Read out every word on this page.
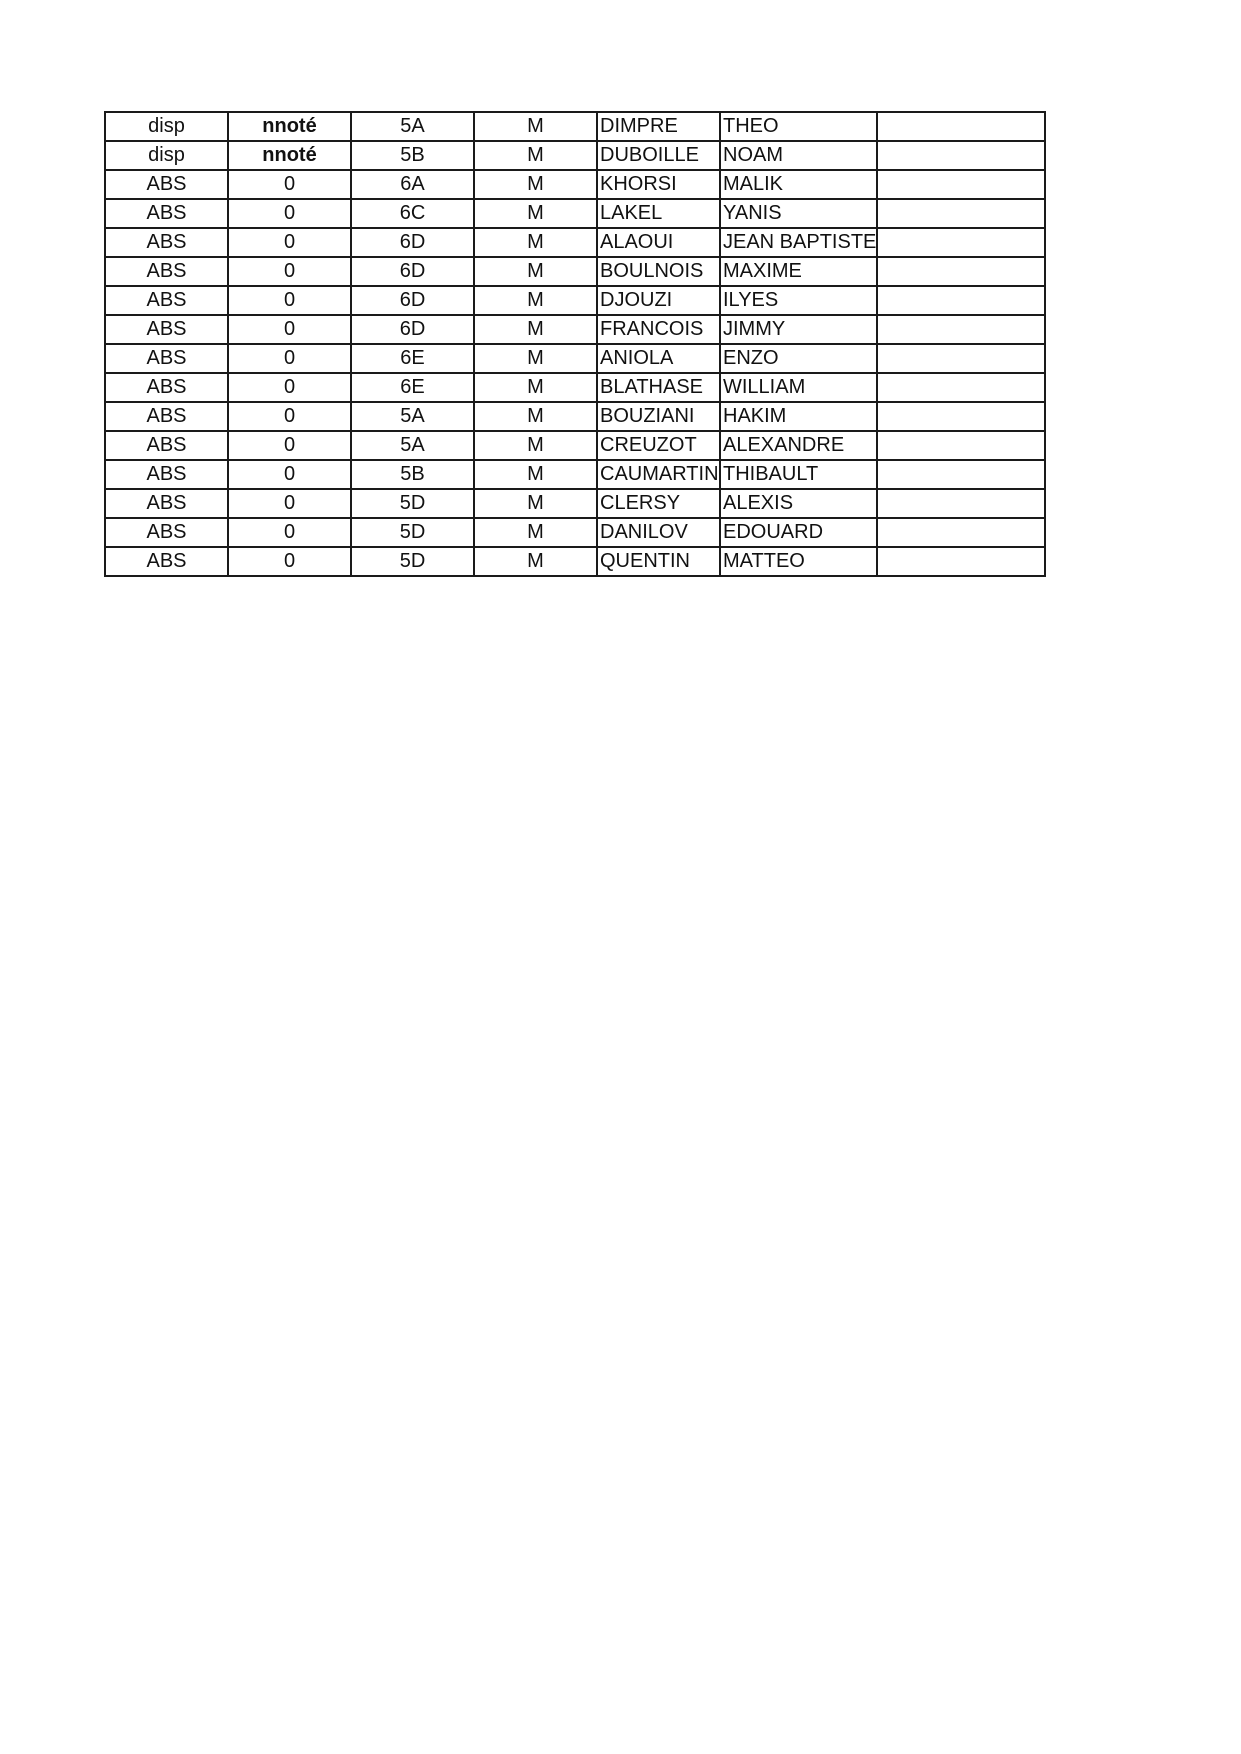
disp	nnoté	5A	M	DIMPRE	THEO	
disp	nnoté	5B	M	DUBOILLE	NOAM	
ABS	0	6A	M	KHORSI	MALIK	
ABS	0	6C	M	LAKEL	YANIS	
ABS	0	6D	M	ALAOUI	JEAN BAPTISTE	
ABS	0	6D	M	BOULNOIS	MAXIME	
ABS	0	6D	M	DJOUZI	ILYES	
ABS	0	6D	M	FRANCOIS	JIMMY	
ABS	0	6E	M	ANIOLA	ENZO	
ABS	0	6E	M	BLATHASE	WILLIAM	
ABS	0	5A	M	BOUZIANI	HAKIM	
ABS	0	5A	M	CREUZOT	ALEXANDRE	
ABS	0	5B	M	CAUMARTIN	THIBAULT	
ABS	0	5D	M	CLERSY	ALEXIS	
ABS	0	5D	M	DANILOV	EDOUARD	
ABS	0	5D	M	QUENTIN	MATTEO	
